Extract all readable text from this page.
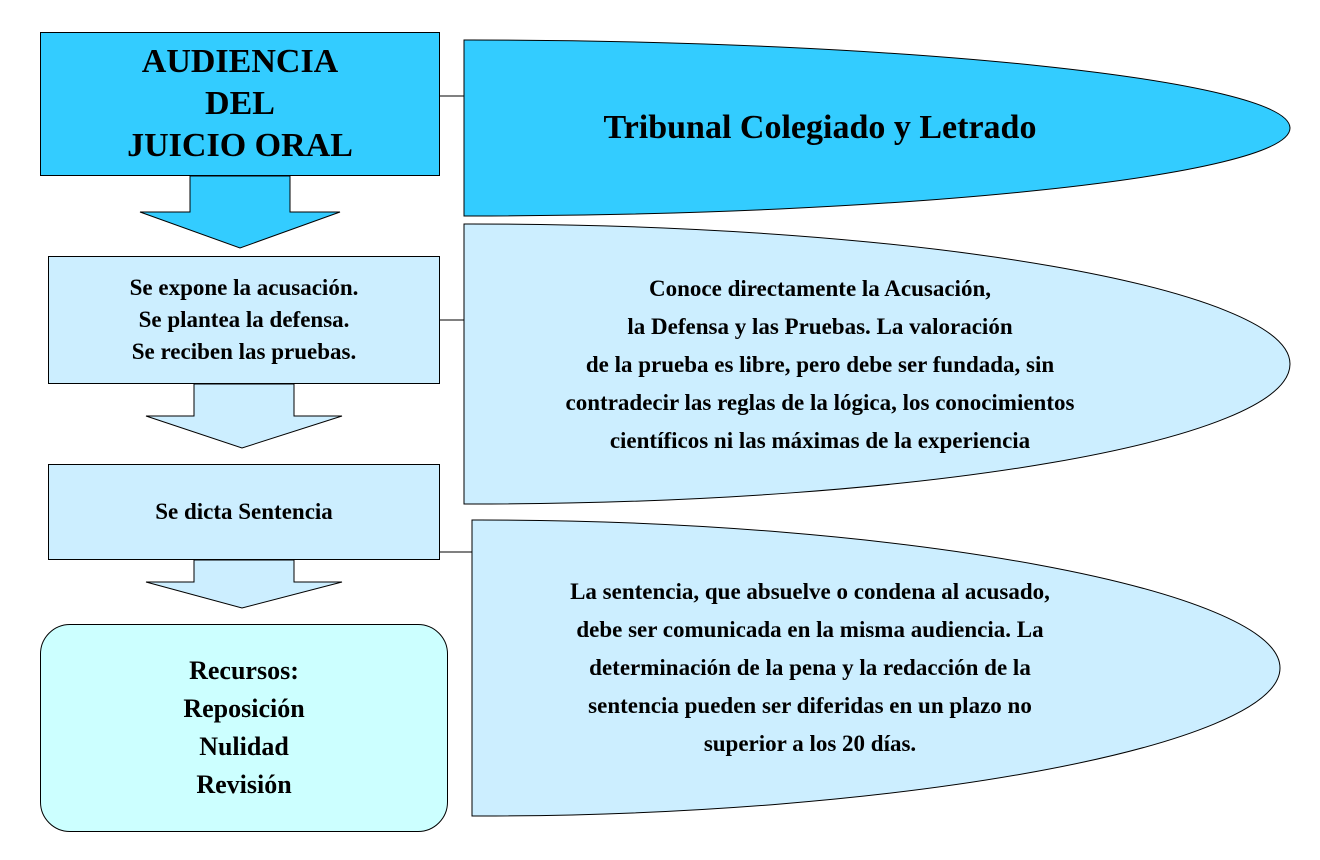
AUDIENCIA
DEL
JUICIO ORAL
Se expone la acusación.
Se plantea la defensa.
Se reciben las pruebas.
Se dicta Sentencia
Recursos:
Reposición
Nulidad
Revisión
Tribunal Colegiado y Letrado
Conoce directamente la Acusación,
la Defensa y las Pruebas. La valoración
de la prueba es libre, pero debe ser fundada, sin
contradecir las reglas de la lógica, los conocimientos
científicos ni las máximas de la experiencia
La sentencia, que absuelve o condena al acusado,
debe ser comunicada en la misma audiencia. La
determinación de la pena y la redacción de la
sentencia pueden ser diferidas en un plazo no
superior a los 20 días.
